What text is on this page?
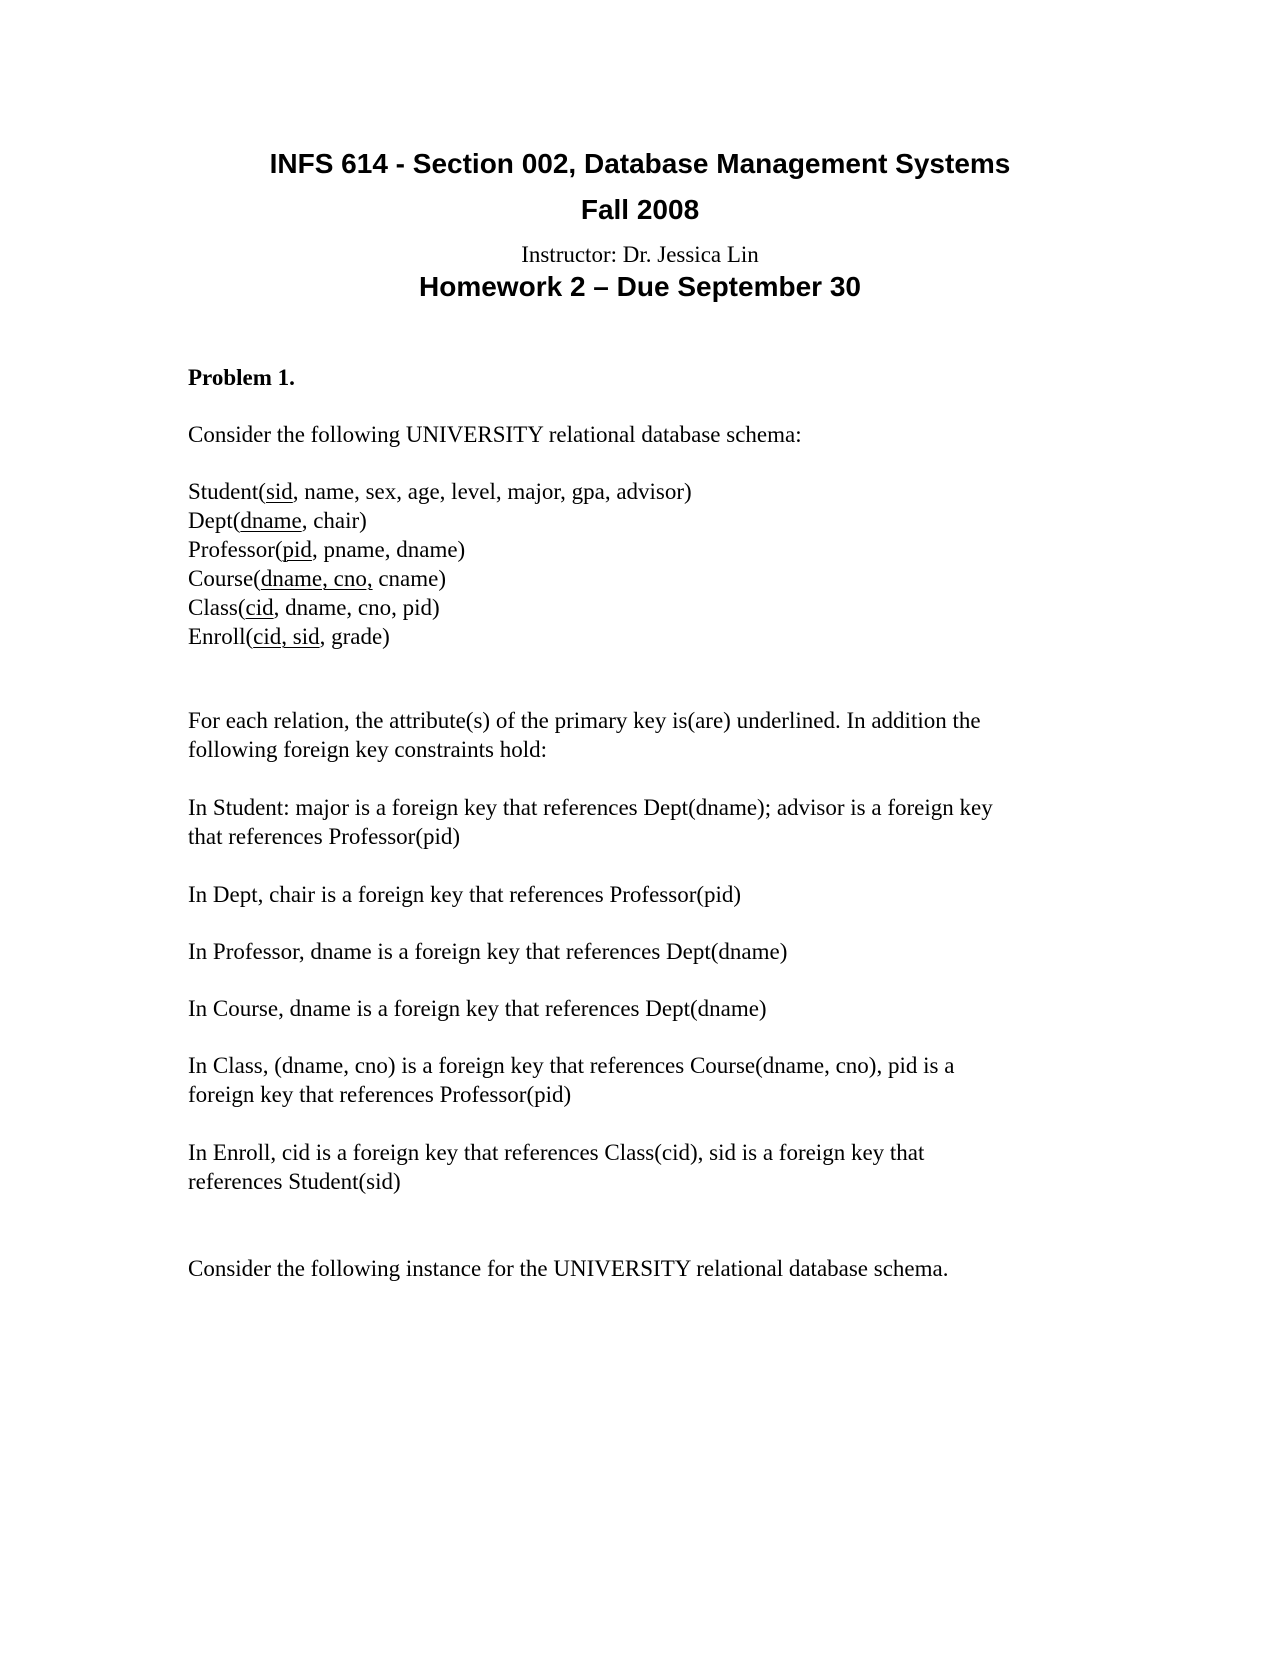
INFS 614 - Section 002, Database Management Systems
Fall 2008
Instructor: Dr. Jessica Lin
Homework 2 – Due September 30
Problem 1.
Consider the following UNIVERSITY relational database schema:
Student(sid, name, sex, age, level, major, gpa, advisor)
Dept(dname, chair)
Professor(pid, pname, dname)
Course(dname, cno, cname)
Class(cid, dname, cno, pid)
Enroll(cid, sid, grade)
For each relation, the attribute(s) of the primary key is(are) underlined. In addition the
following foreign key constraints hold:
In Student: major is a foreign key that references Dept(dname); advisor is a foreign key
that references Professor(pid)
In Dept, chair is a foreign key that references Professor(pid)
In Professor, dname is a foreign key that references Dept(dname)
In Course, dname is a foreign key that references Dept(dname)
In Class, (dname, cno) is a foreign key that references Course(dname, cno), pid is a
foreign key that references Professor(pid)
In Enroll, cid is a foreign key that references Class(cid), sid is a foreign key that
references Student(sid)
Consider the following instance for the UNIVERSITY relational database schema.
